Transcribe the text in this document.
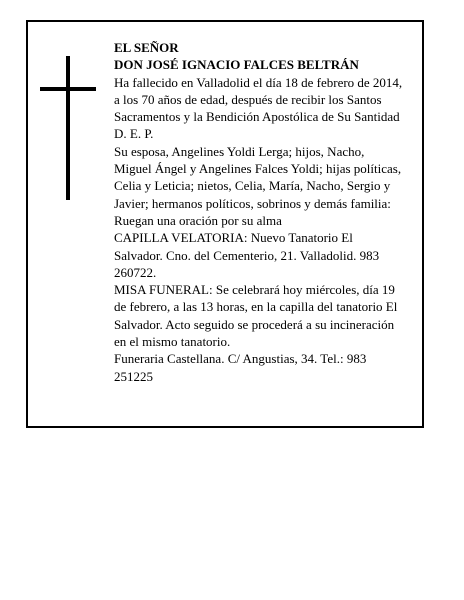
EL SEÑOR
DON JOSÉ IGNACIO FALCES BELTRÁN
Ha fallecido en Valladolid el día 18 de febrero de 2014,
a los 70 años de edad, después de recibir los Santos
Sacramentos y la Bendición Apostólica de Su Santidad
D. E. P.
Su esposa, Angelines Yoldi Lerga; hijos, Nacho,
Miguel Ángel y Angelines Falces Yoldi; hijas políticas,
Celia y Leticia; nietos, Celia, María, Nacho, Sergio y
Javier; hermanos políticos, sobrinos y demás familia:
Ruegan una oración por su alma
CAPILLA VELATORIA: Nuevo Tanatorio El
Salvador. Cno. del Cementerio, 21. Valladolid. 983
260722.
MISA FUNERAL: Se celebrará hoy miércoles, día 19
de febrero, a las 13 horas, en la capilla del tanatorio El
Salvador. Acto seguido se procederá a su incineración
en el mismo tanatorio.
Funeraria Castellana. C/ Angustias, 34. Tel.: 983
251225
